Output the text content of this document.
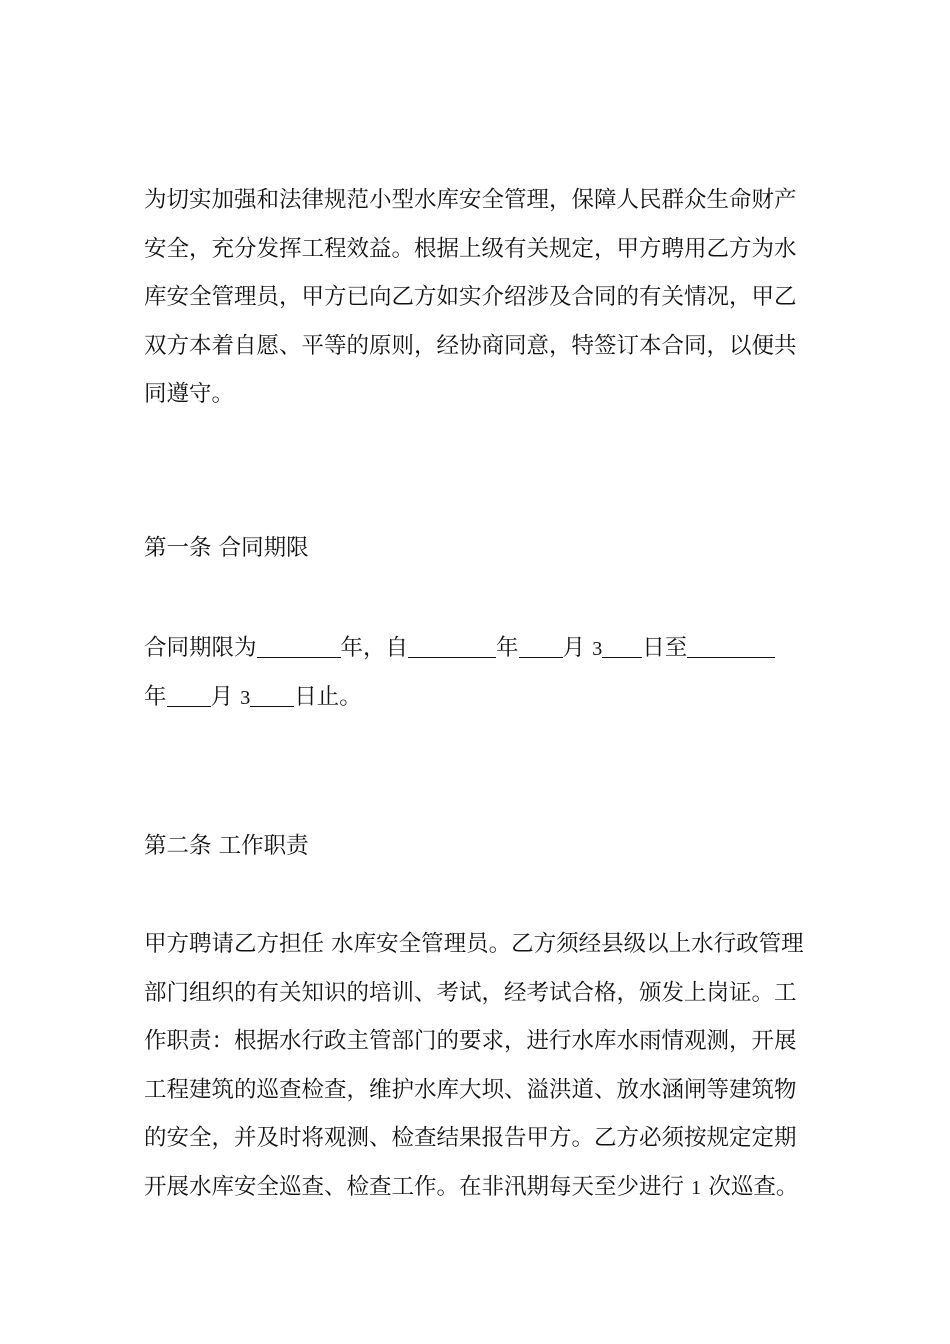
为切实加强和法律规范小型水库安全管理，保障人民群众生命财产
安全，充分发挥工程效益。根据上级有关规定，甲方聘用乙方为水
库安全管理员，甲方已向乙方如实介绍涉及合同的有关情况，甲乙
双方本着自愿、平等的原则，经协商同意，特签订本合同，以便共
同遵守。
第一条 合同期限
合同期限为	年，自	年 月 3 日至
年 月 3 日止。
第二条 工作职责
甲方聘请乙方担任 水库安全管理员。乙方须经县级以上水行政管理
部门组织的有关知识的培训、考试，经考试合格，颁发上岗证。工
作职责：根据水行政主管部门的要求，进行水库水雨情观测，开展
工程建筑的巡查检查，维护水库大坝、溢洪道、放水涵闸等建筑物
的安全，并及时将观测、检查结果报告甲方。乙方必须按规定定期
开展水库安全巡查、检查工作。在非汛期每天至少进行 1 次巡查。
